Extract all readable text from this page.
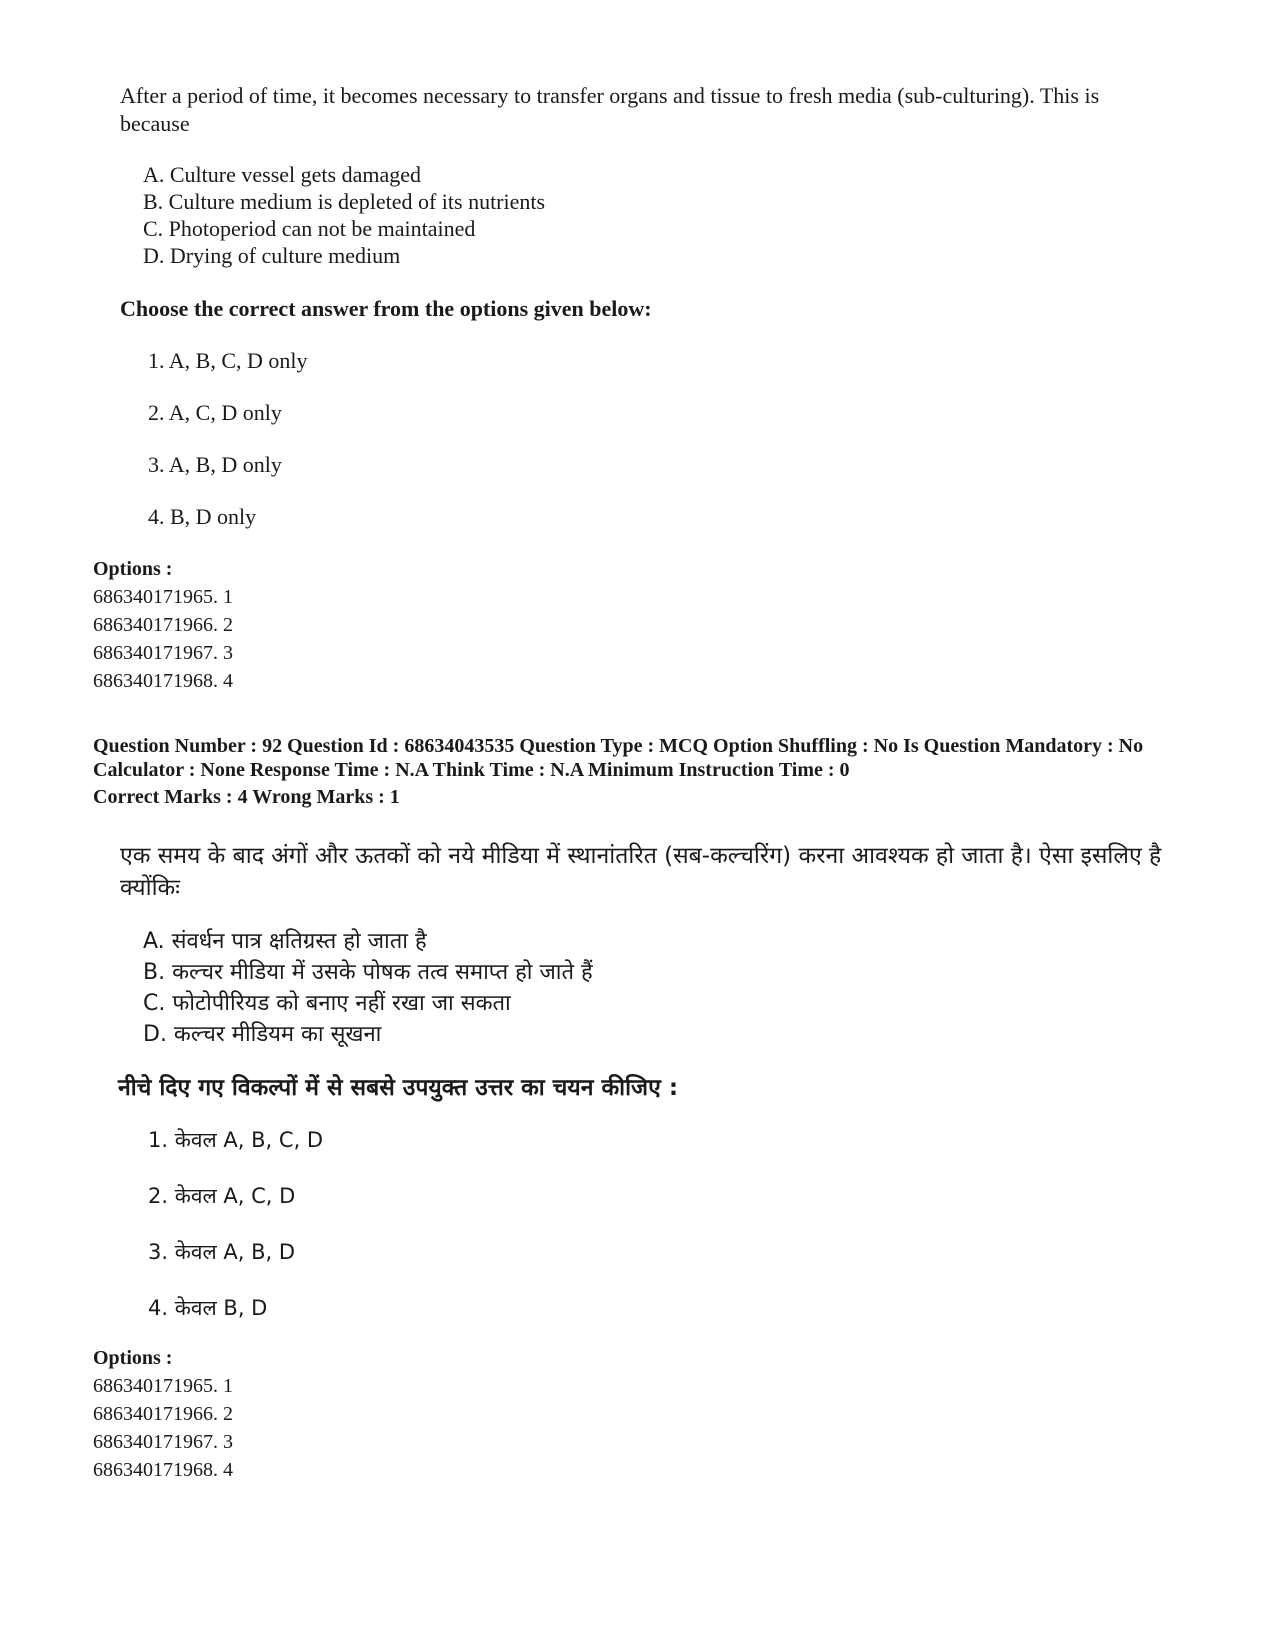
After a period of time, it becomes necessary to transfer organs and tissue to fresh media (sub-culturing). This is because
A. Culture vessel gets damaged
B. Culture medium is depleted of its nutrients
C. Photoperiod can not be maintained
D. Drying of culture medium
Choose the correct answer from the options given below:
1. A, B, C, D only
2. A, C, D only
3. A, B, D only
4. B, D only
Options :
686340171965. 1
686340171966. 2
686340171967. 3
686340171968. 4
Question Number : 92 Question Id : 68634043535 Question Type : MCQ Option Shuffling : No Is Question Mandatory : No Calculator : None Response Time : N.A Think Time : N.A Minimum Instruction Time : 0
Correct Marks : 4 Wrong Marks : 1
एक समय के बाद अंगों और ऊतकों को नये मीडिया में स्थानांतरित (सब-कल्चरिंग) करना आवश्यक हो जाता है। ऐसा इसलिए है क्योंकिः
A. संवर्धन पात्र क्षतिग्रस्त हो जाता है
B. कल्चर मीडिया में उसके पोषक तत्व समाप्त हो जाते हैं
C. फोटोपीरियड को बनाए नहीं रखा जा सकता
D. कल्चर मीडियम का सूखना
नीचे दिए गए विकल्पों में से सबसे उपयुक्त उत्तर का चयन कीजिए :
1. केवल A, B, C, D
2. केवल A, C, D
3. केवल A, B, D
4. केवल B, D
Options :
686340171965. 1
686340171966. 2
686340171967. 3
686340171968. 4
